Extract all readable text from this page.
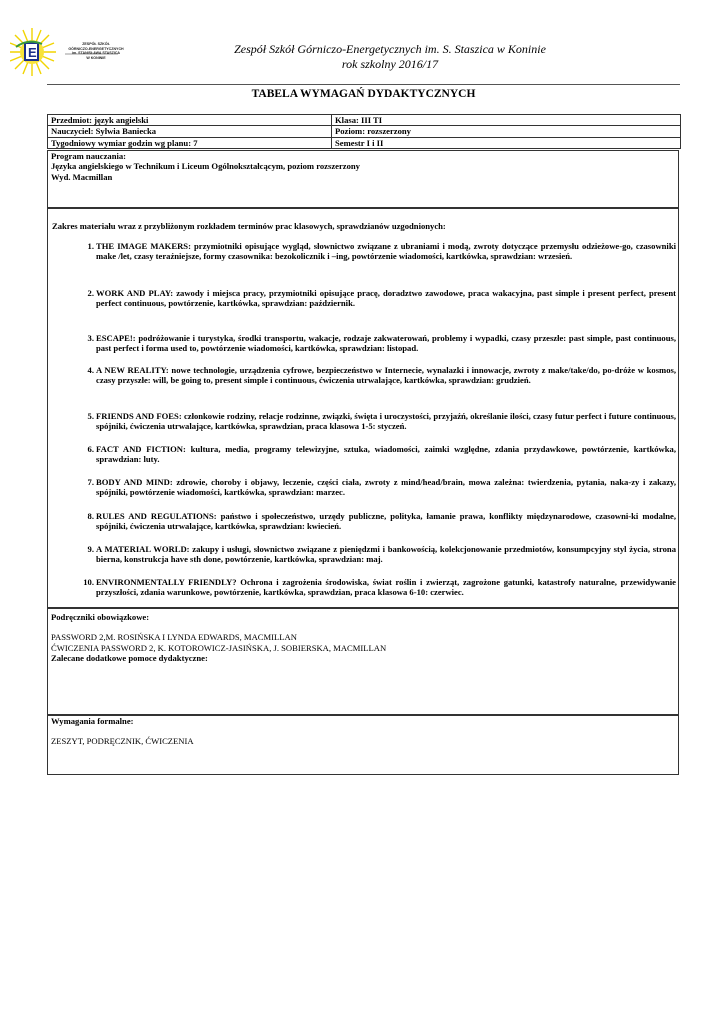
E
ZESPÓŁ SZKÓŁ
GÓRNICZO-ENERGETYCZNYCH
im. STANISŁAWA STASZICA
W KONINIE
Zespół Szkół Górniczo-Energetycznych im. S. Staszica w Koninie
rok szkolny 2016/17
TABELA WYMAGAŃ DYDAKTYCZNYCH
Przedmiot: język angielski	Klasa: III TI
Nauczyciel: Sylwia Baniecka	Poziom: rozszerzony
Tygodniowy wymiar godzin wg planu: 7	Semestr I i II
Program nauczania:
Języka angielskiego w Technikum i Liceum Ogólnokształcącym, poziom rozszerzony
Wyd. Macmillan
Zakres materiału wraz z przybliżonym rozkładem terminów prac klasowych, sprawdzianów uzgodnionych:
1. THE IMAGE MAKERS: przymiotniki opisujące wygląd, słownictwo związane z ubraniami i modą, zwroty dotyczące przemysłu odzieżowe-go, czasowniki make /let, czasy teraźniejsze, formy czasownika: bezokolicznik i –ing, powtórzenie wiadomości, kartkówka, sprawdzian: wrzesień.
2. WORK AND PLAY: zawody i miejsca pracy, przymiotniki opisujące pracę, doradztwo zawodowe, praca wakacyjna, past simple i present perfect, present perfect continuous, powtórzenie, kartkówka, sprawdzian: październik.
3. ESCAPE!: podróżowanie i turystyka, środki transportu, wakacje, rodzaje zakwaterowań, problemy i wypadki, czasy przeszłe: past simple, past continuous, past perfect i forma used to, powtórzenie wiadomości, kartkówka, sprawdzian: listopad.
4. A NEW REALITY: nowe technologie, urządzenia cyfrowe, bezpieczeństwo w Internecie, wynalazki i innowacje, zwroty z make/take/do, po-dróże w kosmos, czasy przyszłe: will, be going to, present simple i continuous, ćwiczenia utrwalające, kartkówka, sprawdzian: grudzień.
5. FRIENDS AND FOES: członkowie rodziny, relacje rodzinne, związki, święta i uroczystości, przyjaźń, określanie ilości, czasy futur perfect i future continuous, spójniki, ćwiczenia utrwalające, kartkówka, sprawdzian, praca klasowa 1-5: styczeń.
6. FACT AND FICTION: kultura, media, programy telewizyjne, sztuka, wiadomości, zaimki względne, zdania przydawkowe, powtórzenie, kartkówka, sprawdzian: luty.
7. BODY AND MIND: zdrowie, choroby i objawy, leczenie, części ciała, zwroty z mind/head/brain, mowa zależna: twierdzenia, pytania, naka-zy i zakazy, spójniki, powtórzenie wiadomości, kartkówka, sprawdzian: marzec.
8. RULES AND REGULATIONS: państwo i społeczeństwo, urzędy publiczne, polityka, łamanie prawa, konflikty międzynarodowe, czasowni-ki modalne, spójniki, ćwiczenia utrwalające, kartkówka, sprawdzian: kwiecień.
9. A MATERIAL WORLD: zakupy i usługi, słownictwo związane z pieniędzmi i bankowością, kolekcjonowanie przedmiotów, konsumpcyjny styl życia, strona bierna, konstrukcja have sth done, powtórzenie, kartkówka, sprawdzian: maj.
10. ENVIRONMENTALLY FRIENDLY? Ochrona i zagrożenia środowiska, świat roślin i zwierząt, zagrożone gatunki, katastrofy naturalne, przewidywanie przyszłości, zdania warunkowe, powtórzenie, kartkówka, sprawdzian, praca klasowa 6-10: czerwiec.
Podręczniki obowiązkowe:
PASSWORD 2,M. ROSIŃSKA I LYNDA EDWARDS, MACMILLAN
ĆWICZENIA PASSWORD 2, K. KOTOROWICZ-JASIŃSKA, J. SOBIERSKA, MACMILLAN
Zalecane dodatkowe pomoce dydaktyczne:
Wymagania formalne:
ZESZYT, PODRĘCZNIK, ĆWICZENIA
